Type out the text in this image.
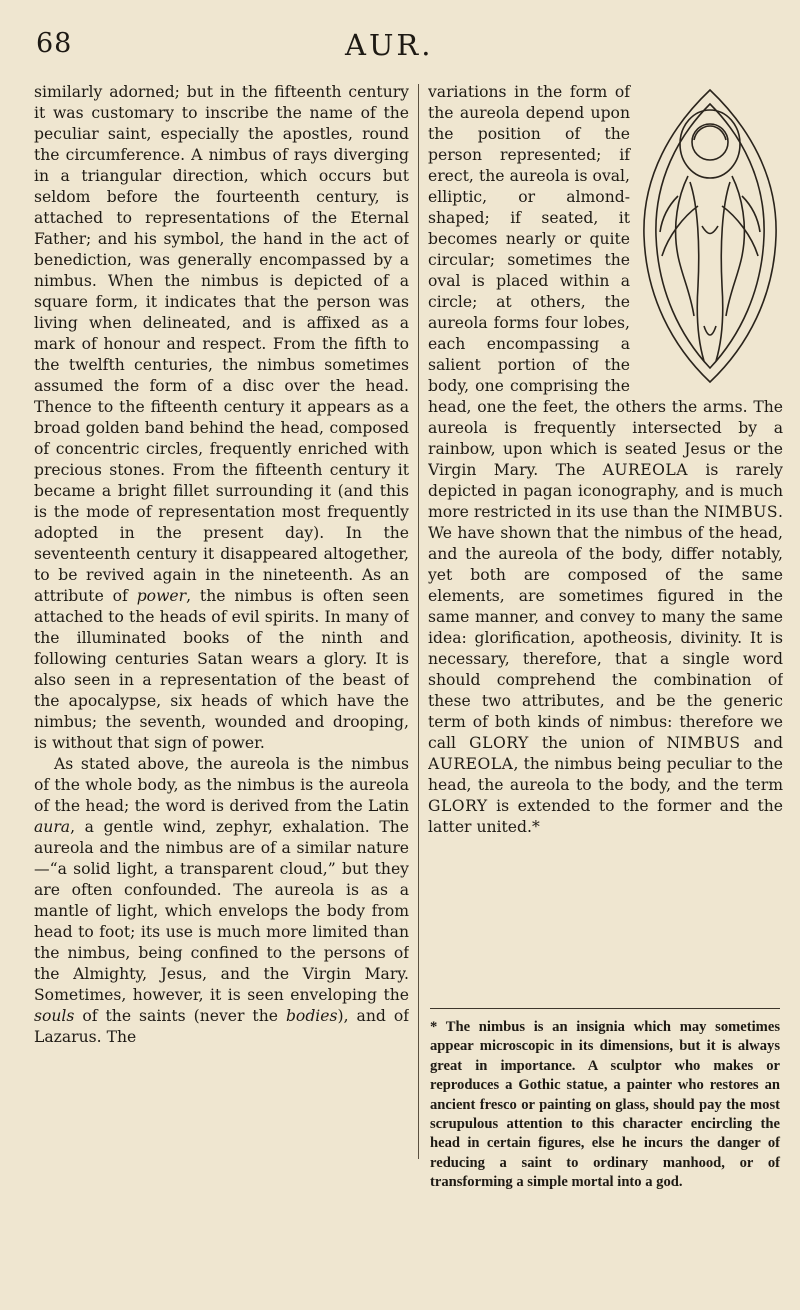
68	AUR.

similarly adorned; but in the fifteenth century it was customary to inscribe the name of the peculiar saint, especially the apostles, round the circumference. A nimbus of rays diverging in a triangular direction, which occurs but seldom before the fourteenth century, is attached to representations of the Eternal Father; and his symbol, the hand in the act of benediction, was generally encompassed by a nimbus. When the nimbus is depicted of a square form, it indicates that the person was living when delineated, and is affixed as a mark of honour and respect. From the fifth to the twelfth centuries, the nimbus sometimes assumed the form of a disc over the head. Thence to the fifteenth century it appears as a broad golden band behind the head, composed of concentric circles, frequently enriched with precious stones. From the fifteenth century it became a bright fillet surrounding it (and this is the mode of representation most frequently adopted in the present day). In the seventeenth century it disappeared altogether, to be revived again in the nineteenth. As an attribute of power, the nimbus is often seen attached to the heads of evil spirits. In many of the illuminated books of the ninth and following centuries Satan wears a glory. It is also seen in a representation of the beast of the apocalypse, six heads of which have the nimbus; the seventh, wounded and drooping, is without that sign of power.

As stated above, the aureola is the nimbus of the whole body, as the nimbus is the aureola of the head; the word is derived from the Latin aura, a gentle wind, zephyr, exhalation. The aureola and the nimbus are of a similar nature—“a solid light, a transparent cloud,” but they are often confounded. The aureola is as a mantle of light, which envelops the body from head to foot; its use is much more limited than the nimbus, being confined to the persons of the Almighty, Jesus, and the Virgin Mary. Sometimes, however, it is seen enveloping the souls of the saints (never the bodies), and of Lazarus. The

variations in the form of the aureola depend upon the position of the person represented; if erect, the aureola is oval, elliptic, or almond-shaped; if seated, it becomes nearly or quite circular; sometimes the oval is placed within a circle; at others, the aureola forms four lobes, each encompassing a salient portion of the body, one comprising the head, one the feet, the others the arms. The aureola is frequently intersected by a rainbow, upon which is seated Jesus or the Virgin Mary. The AUREOLA is rarely depicted in pagan iconography, and is much more restricted in its use than the NIMBUS. We have shown that the nimbus of the head, and the aureola of the body, differ notably, yet both are composed of the same elements, are sometimes figured in the same manner, and convey to many the same idea: glorification, apotheosis, divinity. It is necessary, therefore, that a single word should comprehend the combination of these two attributes, and be the generic term of both kinds of nimbus: therefore we call GLORY the union of NIMBUS and AUREOLA, the nimbus being peculiar to the head, the aureola to the body, and the term GLORY is extended to the former and the latter united.*

* The nimbus is an insignia which may sometimes appear microscopic in its dimensions, but it is always great in importance. A sculptor who makes or reproduces a Gothic statue, a painter who restores an ancient fresco or painting on glass, should pay the most scrupulous attention to this character encircling the head in certain figures, else he incurs the danger of reducing a saint to ordinary manhood, or of transforming a simple mortal into a god.
